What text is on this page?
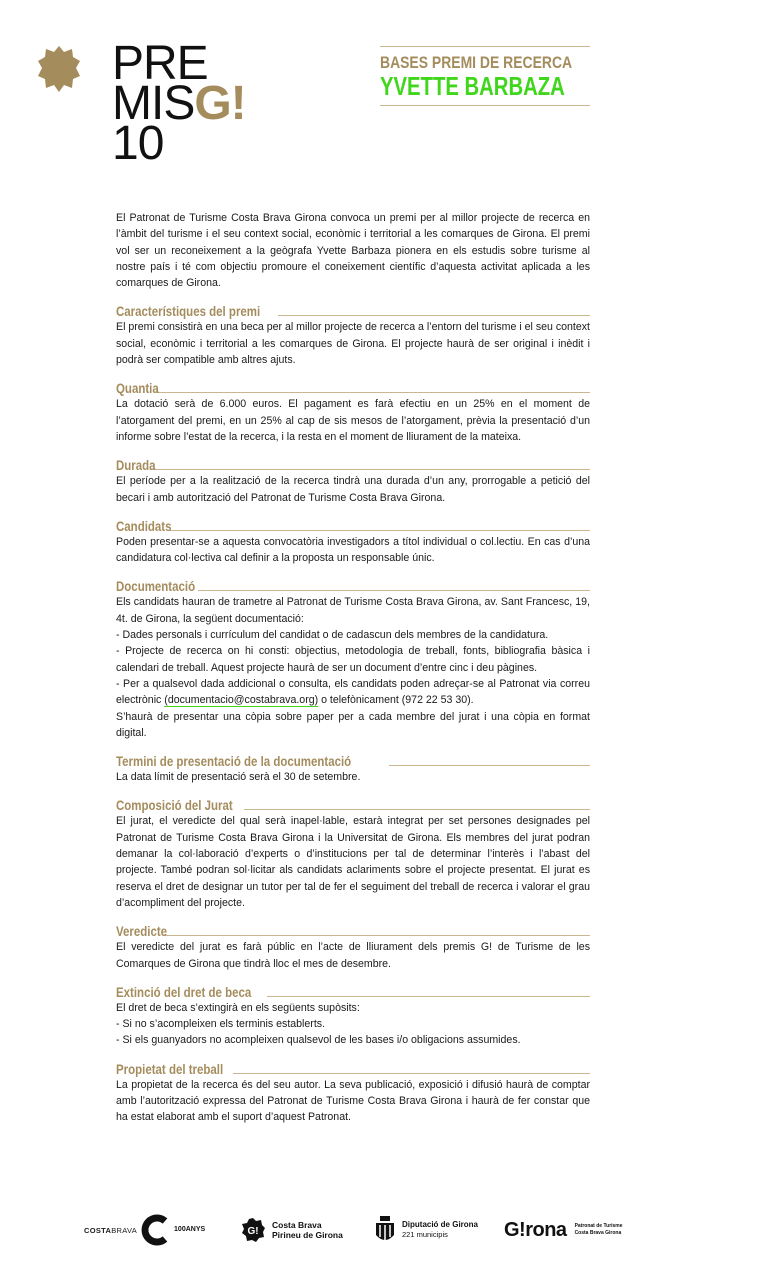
PRE
MISG!
10
BASES PREMI DE RECERCA
YVETTE BARBAZA

El Patronat de Turisme Costa Brava Girona convoca un premi per al millor projecte de recerca en l’àmbit del turisme i el seu context social, econòmic i territorial a les comarques de Girona. El premi vol ser un reconeixement a la geògrafa Yvette Barbaza pionera en els estudis sobre turisme al nostre país i té com objectiu promoure el coneixement científic d’aquesta activitat aplicada a les comarques de Girona.

Característiques del premi

El premi consistirà en una beca per al millor projecte de recerca a l’entorn del turisme i el seu context social, econòmic i territorial a les comarques de Girona. El projecte haurà de ser original i inèdit i podrà ser compatible amb altres ajuts.

Quantia

La dotació serà de 6.000 euros. El pagament es farà efectiu en un 25% en el moment de l’atorgament del premi, en un 25% al cap de sis mesos de l’atorgament, prèvia la presentació d’un informe sobre l’estat de la recerca, i la resta en el moment de lliurament de la mateixa.

Durada

El període per a la realització de la recerca tindrà una durada d’un any, prorrogable a petició del becari i amb autorització del Patronat de Turisme Costa Brava Girona.

Candidats

Poden presentar-se a aquesta convocatòria investigadors a títol individual o col.lectiu. En cas d’una candidatura col·lectiva cal definir a la proposta un responsable únic.

Documentació

Els candidats hauran de trametre al Patronat de Turisme Costa Brava Girona, av. Sant Francesc, 19, 4t. de Girona, la següent documentació:

- Dades personals i currículum del candidat o de cadascun dels membres de la candidatura.

- Projecte de recerca on hi consti: objectius, metodologia de treball, fonts, bibliografia bàsica i calendari de treball. Aquest projecte haurà de ser un document d’entre cinc i deu pàgines.

- Per a qualsevol dada addicional o consulta, els candidats poden adreçar-se al Patronat via correu electrònic (documentacio@costabrava.org) o telefònicament (972 22 53 30).

S’haurà de presentar una còpia sobre paper per a cada membre del jurat i una còpia en format digital.

Termini de presentació de la documentació

La data límit de presentació serà el 30 de setembre.

Composició del Jurat

El jurat, el veredicte del qual serà inapel·lable, estarà integrat per set persones designades pel Patronat de Turisme Costa Brava Girona i la Universitat de Girona. Els membres del jurat podran demanar la col·laboració d’experts o d’institucions per tal de determinar l’interès i l’abast del projecte. També podran sol·licitar als candidats aclariments sobre el projecte presentat. El jurat es reserva el dret de designar un tutor per tal de fer el seguiment del treball de recerca i valorar el grau d’acompliment del projecte.

Veredicte

El veredicte del jurat es farà públic en l’acte de lliurament dels premis G! de Turisme de les Comarques de Girona que tindrà lloc el mes de desembre.

Extinció del dret de beca

El dret de beca s’extingirà en els següents supòsits:

- Si no s’acompleixen els terminis establerts.

- Si els guanyadors no acompleixen qualsevol de les bases i/o obligacions assumides.

Propietat del treball

La propietat de la recerca és del seu autor. La seva publicació, exposició i difusió haurà de comptar amb l’autorització expressa del Patronat de Turisme Costa Brava Girona i haurà de fer constar que ha estat elaborat amb el suport d’aquest Patronat.

COSTA BRAVA	100ANYS	G!
Costa Brava
Pirineu de Girona
Diputació de Girona
221 municipis	G!rona Patronat de Turisme
Costa Brava Girona
